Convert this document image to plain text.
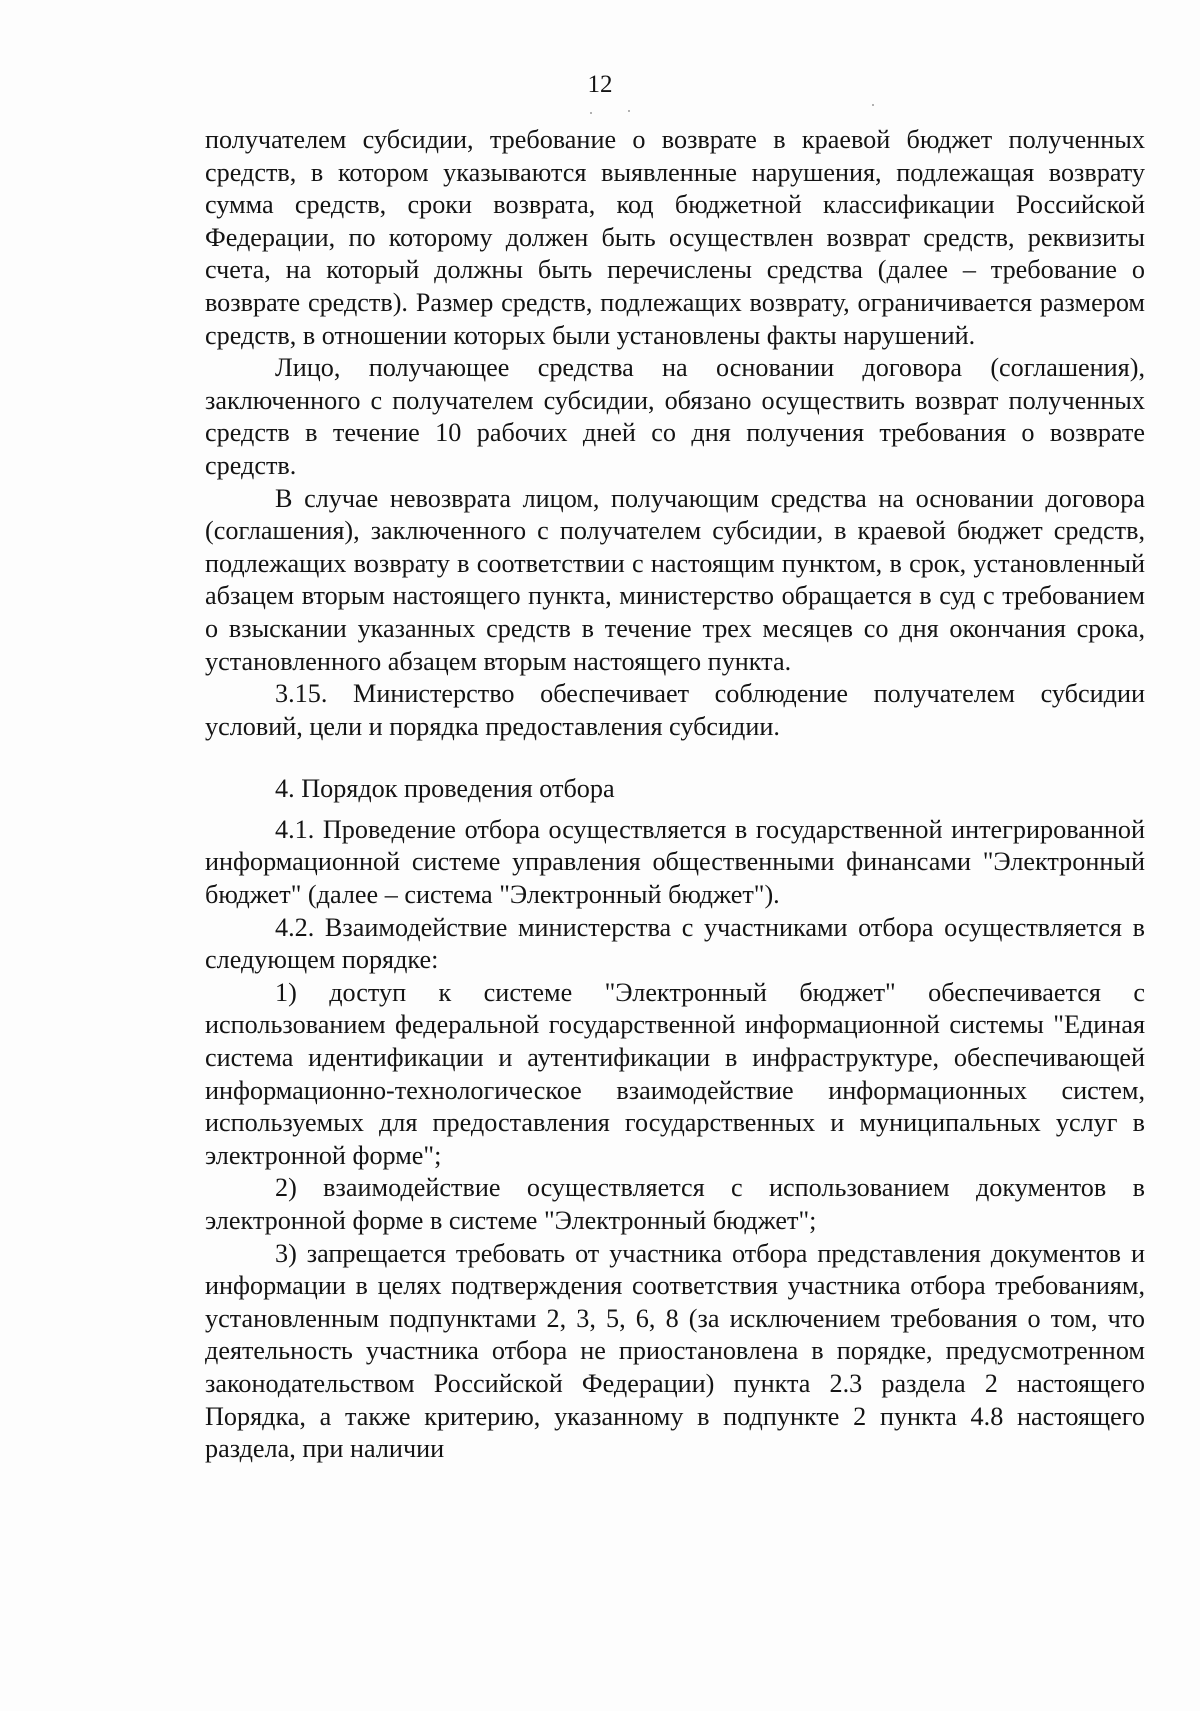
12

получателем субсидии, требование о возврате в краевой бюджет полученных средств, в котором указываются выявленные нарушения, подлежащая возврату сумма средств, сроки возврата, код бюджетной классификации Российской Федерации, по которому должен быть осуществлен возврат средств, реквизиты счета, на который должны быть перечислены средства (далее – требование о возврате средств). Размер средств, подлежащих возврату, ограничивается размером средств, в отношении которых были установлены факты нарушений.

Лицо, получающее средства на основании договора (соглашения), заключенного с получателем субсидии, обязано осуществить возврат полученных средств в течение 10 рабочих дней со дня получения требования о возврате средств.

В случае невозврата лицом, получающим средства на основании договора (соглашения), заключенного с получателем субсидии, в краевой бюджет средств, подлежащих возврату в соответствии с настоящим пунктом, в срок, установленный абзацем вторым настоящего пункта, министерство обращается в суд с требованием о взыскании указанных средств в течение трех месяцев со дня окончания срока, установленного абзацем вторым настоящего пункта.

3.15. Министерство обеспечивает соблюдение получателем субсидии условий, цели и порядка предоставления субсидии.

4. Порядок проведения отбора

4.1. Проведение отбора осуществляется в государственной интегрированной информационной системе управления общественными финансами "Электронный бюджет" (далее – система "Электронный бюджет").

4.2. Взаимодействие министерства с участниками отбора осуществляется в следующем порядке:

1) доступ к системе "Электронный бюджет" обеспечивается с использованием федеральной государственной информационной системы "Единая система идентификации и аутентификации в инфраструктуре, обеспечивающей информационно-технологическое взаимодействие информационных систем, используемых для предоставления государственных и муниципальных услуг в электронной форме";

2) взаимодействие осуществляется с использованием документов в электронной форме в системе "Электронный бюджет";

3) запрещается требовать от участника отбора представления документов и информации в целях подтверждения соответствия участника отбора требованиям, установленным подпунктами 2, 3, 5, 6, 8 (за исключением требования о том, что деятельность участника отбора не приостановлена в порядке, предусмотренном законодательством Российской Федерации) пункта 2.3 раздела 2 настоящего Порядка, а также критерию, указанному в подпункте 2 пункта 4.8 настоящего раздела, при наличии
